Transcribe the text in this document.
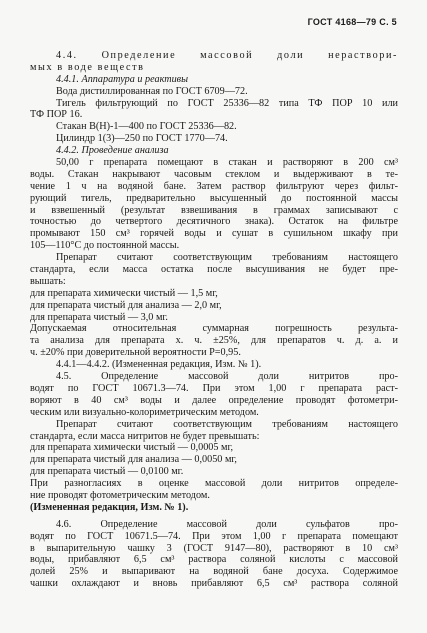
ГОСТ 4168—79 С. 5
4.4. Определение массовой доли нераствори-
мых в воде веществ
4.4.1. Аппаратура и реактивы
Вода дистиллированная по ГОСТ 6709—72.
Тигель фильтрующий по ГОСТ 25336—82 типа ТФ ПОР 10 или
ТФ ПОР 16.
Стакан В(Н)-1—400 по ГОСТ 25336—82.
Цилиндр 1(3)—250 по ГОСТ 1770—74.
4.4.2. Проведение анализа
50,00 г препарата помещают в стакан и растворяют в 200 см³
воды. Стакан накрывают часовым стеклом и выдерживают в те-
чение 1 ч на водяной бане. Затем раствор фильтруют через фильт-
рующий тигель, предварительно высушенный до постоянной массы
и взвешенный (результат взвешивания в граммах записывают с
точностью до четвертого десятичного знака). Остаток на фильтре
промывают 150 см³ горячей воды и сушат в сушильном шкафу при
105—110°С до постоянной массы.
Препарат считают соответствующим требованиям настоящего
стандарта, если масса остатка после высушивания не будет пре-
вышать:
для препарата химически чистый — 1,5 мг,
для препарата чистый для анализа — 2,0 мг,
для препарата чистый — 3,0 мг.
Допускаемая относительная суммарная погрешность результа-
та анализа для препарата х. ч. ±25%, для препаратов ч. д. а. и
ч. ±20% при доверительной вероятности P=0,95.
4.4.1—4.4.2. (Измененная редакция, Изм. № 1).
4.5. Определение массовой доли нитритов про-
водят по ГОСТ 10671.3—74. При этом 1,00 г препарата раст-
воряют в 40 см³ воды и далее определение проводят фотометри-
ческим или визуально-колориметрическим методом.
Препарат считают соответствующим требованиям настоящего
стандарта, если масса нитритов не будет превышать:
для препарата химически чистый — 0,0005 мг,
для препарата чистый для анализа — 0,0050 мг,
для препарата чистый — 0,0100 мг.
При разногласиях в оценке массовой доли нитритов определе-
ние проводят фотометрическим методом.
(Измененная редакция, Изм. № 1).
4.6. Определение массовой доли сульфатов про-
водят по ГОСТ 10671.5—74. При этом 1,00 г препарата помещают
в выпарительную чашку 3 (ГОСТ 9147—80), растворяют в 10 см³
воды, прибавляют 6,5 см³ раствора соляной кислоты с массовой
долей 25% и выпаривают на водяной бане досуха. Содержимое
чашки охлаждают и вновь прибавляют 6,5 см³ раствора соляной
